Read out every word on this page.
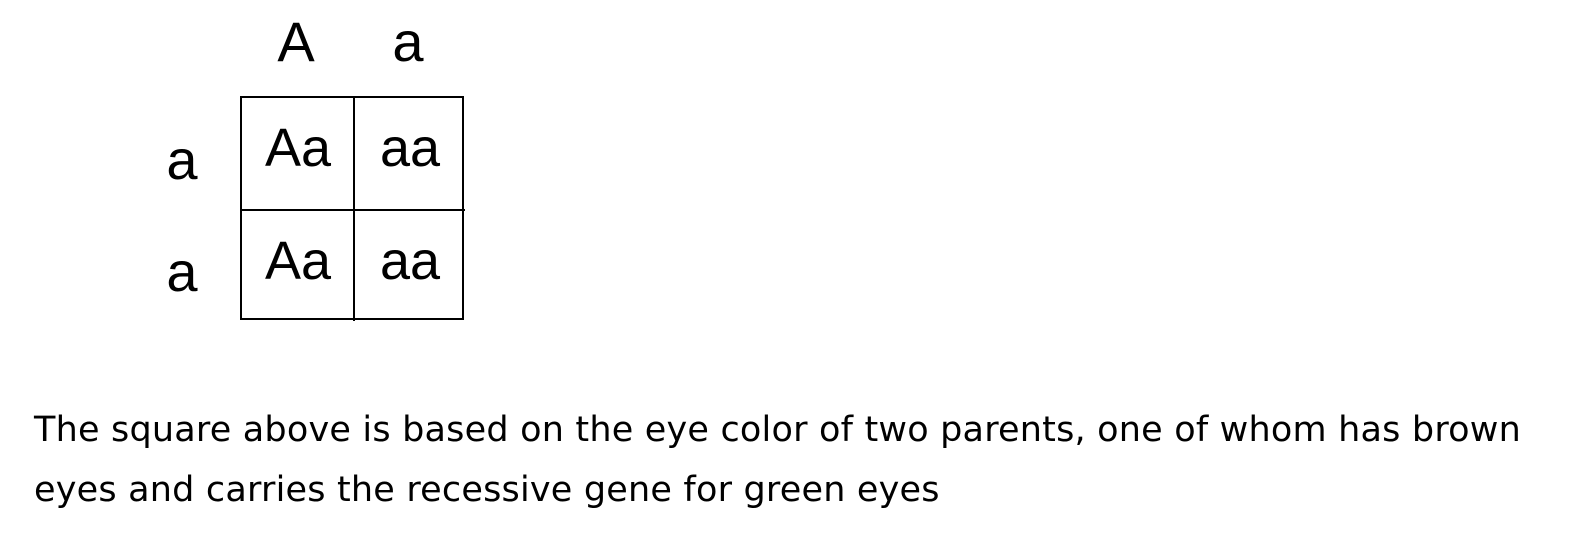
A	a
a
a
Aa aa
Aa aa
The square above is based on the eye color of two parents, one of whom has brown eyes and carries the recessive gene for green eyes
